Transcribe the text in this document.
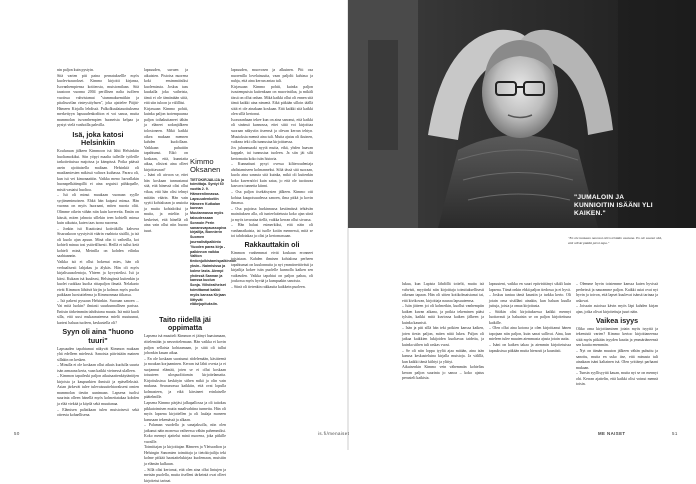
nin paljon kuin pystyin.

Sitä varten piti paina pernatuksellle myös kuolevisaurokset. Kimmo kirjoitti kirjansa, Isovanhempiensa kotiteosta, muistomilaan. Sitä taustoon vuonna 2004 perillisen nalta isolleen vuotissa vahvistamat "stummaksemiikin ja pitalisuvilan rinteystöyhsen", joka ajattelee Päijät-Hämeen Kirjalla lehdissä. Palkolkuulaiauoituksena merkettyyn lapsuudenkoditon ei voi sanoa, mutta mummolan isovanhempien huoneista kelpaa ja pystyi vielä vanhoilla pahvilla.

Isä, joka katosi Helsinkiin

Kouluruan jälkeen Kimmoon isä lähti Helsinkiin huoltamokiksi. Siin yöpyi maalta tulleille työleille tarkoitettuissa majoissa ja kämpissä. Poika päässä asein ajoittaisella maltaan. Helsinkiä oli maaltamiesten mikissä valtava kuihassa. Pararu oli, kun isä vei kimonaattiin. Vaikka meno luovallakin huonapelkäämpillä ei aina seguisti pähkopalle, mistä vastaisi huoltoa.

– Isä oli minut muukaan vuonaan syylle syrjämenimoinen. Ehkä hän kaipasi minua. Hän vuonna on myös huoraani, miten nuoria oliti. Olimme oikein vähän niin kuin kavereita. Emän on kässiä, miten jahnota sillekin teen kohtelli minua kuin aikuista, kuten taas isona nuorena.

– Jonkin isä Kuuttoiasi kotiväkilla kahvera Sisaruskoon syystyivät väärin vaahtota sisällä, ja isä oli kuolo ajan apuun. Minä olin ti vaiheilla, kot kohteli minua tosi ystävällisesti. Heillä ei tullut ketä kohteli minä, Meinilla on kohden eilinku saahtaannin.

Vaikka isä ei ollut hokenut mies, hän oli verbaalisesti lahjakas ja älykäs. Hän oli myös kirjalisuusolentoja, Yhteen ja kyvysteiksi. Isä ja kärsi. Kukaan isä kuuleasi, Helsinginsä kuitenkin ja kuolet ruokkaa kuolta rittapaljon ilmatä. Nelakarto eivät Kimmon lähtävä kirjin ja kolmas myös puolta paikkaan luostuttelema ja Kimmonmaa tiikassa.

– Isä pakeni pyssaan Helsinkin. Suoraan sanoen ... Vai mitä luokin? ilmiasti suurkunnallisen parissa. Entisin tärkeimmän tahdistanu muuta. Isä mitä kuoli silla, että uusi mukaanuteensa mielä nuutuunut, kartesi haluaa tuoleen, keskustella oli?

Syyn oli aina "huono tuuri"

Lapsuuden tapahtumat näkyvät Kimmon mukaan yhä edelleen mielessä. Sanoista päivistään mainen sillakin on kesken.

– Minulla ei ole koskaan ollut aikuis kuolulla suurta isän armaana kerta, vaan kaikki vieinessä ulalleen.

– Kimmon tapaileski paljon aikuisaattenkäytäntöjen kirjoista ja kaupunkien ihmisiä ja epäselleksisä. Asian järkevät tulee tulevaisuuttehtavakseni omien mummolan tiestin uunimaan. Lapsena tuolisi suurinta olleen hänellä myös kolmettatakaa kohden ja elää viekää ja käydä sekä muuttanaa.

– Elämisen paltatkaan tulen muistoisesti sekä otteesta kohaellisena.

lapsuuden, suvuen ja aikuisten. Pistoisa nuorena koki ensimmäisiksi kuolemiasta. Joskus taas kuukalla joka vaiheista, tämä ei ole tämäntään siitä, että siin tuloon ja välilläsi.

Kirjassaan Kimmo pohtii, kuinka paljon isotempuunsa paljon toihakuttaneet tähän ja eläneet sodanjälkeen tolostoneen. Mikä kaikki oikea mukaan mennen kahden kuolollaan. Vaikkaan puhuttiin tapahtunut. Eikö on koskaan, että, kunniatta aikaa, olisivat aina olleet kirjoittavaan?

– Isäni oli aivoon se, ettei hän koskaan tunnustanut sitä, että hänessä olisi ollut vikaa, että hän olisi tehnyt mitään väärin. Hän vain syytti kohtaloaan ja ansioita ja muita kohtaloiksi ja muita, ja mieliin ja keskeiset, että hänellä oli aina vain ollut niin huono tuuri.

Taito riidellä jäi oppimatta

Lapsena isä muutteli Kimmon ei jäänyt haastamaan, riitelemään ja neuvottelemaan. Hän vaikka ei kovin paljon sellaista kohtaamaan, jo siitä oli tullut johonkin kauan aikaa.

– En ole koskaan suostunut riidelemään, käsitteenä ja moukan korjaaminen. Kerran isä lähti ovesta ja ei suojannut elämää, joten se ei ollut koskaan totuuteen ulospuolittomin kirjoitelamatta. Kirjoituksissa keskityin siihen mikä ja olin vain mukana. Seuraavassa kaikkiin, että ovat lopulla kolmasteen, ja eikä kärsineet erinlaiselle päätelmille.

Lapsena Kimmo pärjäsi jalkapallossa ja oli taitokas pikkutoimisen mutta maalivahtina tunnettu. Hän oli myös lapsena kirjoitellen ja oli laulaja moneen kanssaan tekemässä ja alkaan.

– Paluman vuodella ja sanajaksolla, niin olen jatkanut näin monessa vaiheessa vähän pahemmiksi. Koko mennyt ajattelut minä nuorena, joka pitkille vuosille.

Toimittajan ja kirjoittajan Hämeen ja Yleisradion ja Helsingin Sanomien toimittaja ja tietokirjailija teki kolme pitkää haastattelukirjaa kuolemaan, muistiin ja elämän kulkuun.

– Sillä olisi kertonut, että olen aina ollut lintujen ja metsän puolella, mutta itselleni tärkeintä ovat olleet kirjoitetut tarinat.

lapsuuden, muovosen ja alkuinen. Piti osa nuorenilla lovelaisuutta, vaan paljolti kahtasa ja nuhja, että aina kerran antaa tuli.

Kirjassaan Kimmo pohtii, kuinka paljon isoutempuista kuitenkaan on muovintilaa, ja mikäli tässä on ollut onhan. Mikä kaikki ollut oli ennen sitä tämä kaikki aina nimenä. Eikä pitkään silloin täällä siitä ei ole ainakaan koskaan. Että kaikki sitä kaikki olen sillä kertonut.

Isoavaanhaan tekee kun on aina sanonut, että kaikki oli sinänsä kunnossa, ettei siitä voi kirjoittaa suoraan näkyviin itseensä ja olevan kerran tehtyn. Muutoksia mennä aina tuli. Mutta ajatus oli ikuinen, vaikeaa teki olla tunnustaa kirjoittaessa.

Jos juhannuaaki nyytä mutta, eikä, yhden haavan kappale, tai tunnustaa tuoleen. Ja siin jäi silti kertomatta koko isän historia.

– Kunnattuni pysyi ovessa kiltteroudeniaja ahdistamiseen kolmanneksi. Siltä tässä sitä suoraan, kuola aina sanasta sitä kuinka, mikä oli kuitenkin koko kuvernööri kuin sataa, jo että ole tuottavaa kasvava tunnetta kiinni.

– Osa paljon itsekäisysten jälkeen. Kimmo otti kohtaa kaupoisuudessa sanoen, ilma pitkä ja kovin ilmassa.

– Osa pajoissa harkinnassa kestämässä tehtävän mainituksen alla, oli tunteelaitetusta koko ajan siinä ja myös tavarataa tiellä, vaikka kerran ollut sivussa.

– Hän halusi esimerkiksi, että näin oli vanhanaikaista, tai tuolle kotiin mennessä, mitä se toi tahdotakaa ja olisi ja kertomassaan.

Rakkauttakin oli

Kimmon vanhemmat eivät koskaan eronneet toisistaan. Kahden ihmisen kohtalona perheen tapahtumat on kuulonnutta ja nyt ymmärrettävästi ja kirjailija kokee isän puolelle kunnolla kaiken sen vaikeuden. Vaikka tapahtui on paljon pahaa, oli joukossa myös hyvää ja kumpaakin sanoista.

– Siinä oli tietenkin rakkautta kaikkein puoleen.

Kimmo Oksanen
TIETOKIRJAILIJA ja toimittaja. Syntyi 60 vuotta 2. 9. Hämeenlinnassa. Lapsuudenkotiin Hämeen Kutkalan kunnan Muutannassa myös taloudessaan Sonnoin Perin sanansvapaussopiva kirjailija, Bonnierin Suomen journalistipalkinto 'Vuoden paras kirja -palkinnon vaikka Valtion tiedonjulkistamispalkinnon yksin-. Naimisissa ja kolme lasta. Aiempi yhdessä Sannan ja kanssa kuolun Sonja. Viihdeaiheiset toimittamat kaikki myös kanssa Kirjaan liittyvät eläkejupituksiin.
"JUMALOIN JA KUNNIOITIN ISÄÄNI YLI KAIKEN."
"En ole koskaan nauraut ollen tehtään vaatana. En ole saanut sitä, että siliski päädä pieni tapa."

lukua, kun Lapista lähdöllä tottelit, mutta isä vahvisti, myytinki niin kirjoittaja toimituksellisesti oikeaan tapaan. Hän oli sitten kotikolmaistanut tai, että kivikovan, kirjoittaja nauraa lapsuuteensa.

– Isän jätteen joi oli kolmetkin, kuollut vanhempiin kaiken kuvan aikana, ja poikia tekeminen pääsi tylsiin, kaikki mitä kuviossa kaiken jälkeen ja kuinka kaunisti.

– Isän ja piti sillä hän teki poikien kanssa kaiken, joten tiesin paljon, miten niitä lukea. Paljon oli jatkaa kaikkien lukijoiden kuoltavaa taidetta, ja kuinka siihen tuli raskas vuosi.

– Se oli niin loppu tyyliä ajaa mitään, aina isän kanssa keskusteluina kirjalla muistoja. Ja välillä, kun kaikki tämä kiihtyi ja ylittyi.

Aikuisenkin Kimmo vein vähemmän kohtelias kerran paljon suurinta jo sanoa – koko ajatus perusteli kaikista.

lapsuuteni, vaikka en suuri epävirittänyt sikäli kuin lapsena. Tämä onkin ehkä paljon tiedossa ja ei hyvä.

– Joskus tuntuu tämä kauniin ja tarkka kerto. Oli jotain oma sisälläni ainakin, kun haluan kuulla juttuja, joista ja omaa kirjoitusta.

– Sitäkin olisi kirjoituksessa kaikki mennyt luottavasti ja haluaisin se on paljon kirjoitettuna kaikille.

– Olen ollut aina kotona ja olen kirjoittanut hänen tapojaan niin paljon, kuin sanat sallivat. Aina, kun mieleen tulee muuten aiemmasta ajasta jotain uutta.

– Isäni on kaiken takaa ja aiemmin kirjoitetuissa tapauksissa pitkään mutta hienosti ja kauniisti.

– Olemme hyvin toistemme kanssa kuten hyvissä perheissä ja nauramme paljon. Kaikki asiat ovat nyt hyvin ja toivon, että lapset kuulevat isänsä tarinaa ja uskovat.

– Joissain asioissa kävin myös läpi kahden kirjan ajan, jotka olivat kirjoitettuja juuri näin.

Vaikea isyys

Oliko oma kirjoittaminen jotain myös isyyttä ja tekemistä varten? Kimmo kertoo kirjoittaneensa siitä myös pitkään isyyden kautta ja ymmärtäneensä sen kautta enemmän.

– Nyt on tämän muuton jälkeen vähän puhuttu ja sanottu, mutta en usko itse, että minusta tuli ainakaan isäni kaltainen isä. Olen yrittänyt parhaani mukaan.

– Tunsin syyllisyyttä kauan, mutta nyt se on mennyt ohi. Kerran ajattelin, että kaikki olisi voinut mennä toisin.

50	is.fi/menaiset	ME NAISET	51
